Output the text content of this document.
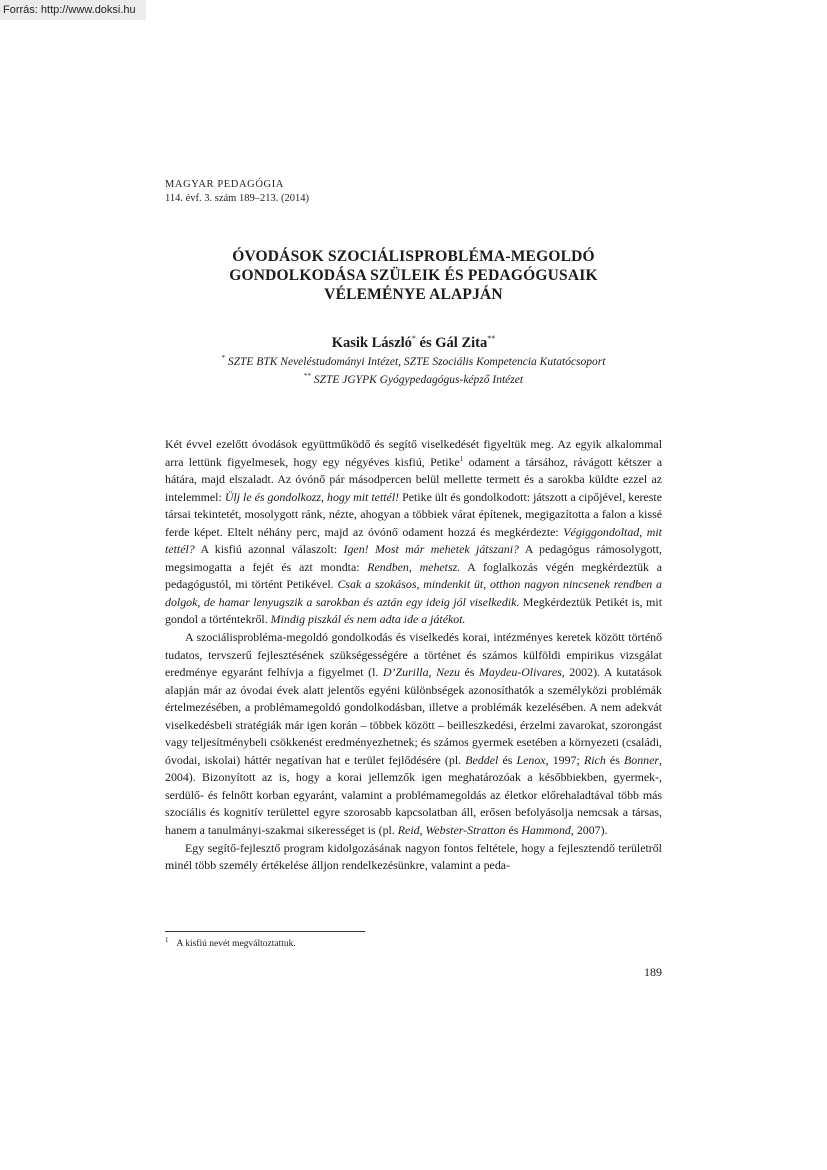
Forrás: http://www.doksi.hu
MAGYAR PEDAGÓGIA
114. évf. 3. szám 189–213. (2014)
ÓVODÁSOK SZOCIÁLISPROBLÉMA-MEGOLDÓ
GONDOLKODÁSA SZÜLEIK ÉS PEDAGÓGUSAIK
VÉLEMÉNYE ALAPJÁN
Kasik László* és Gál Zita**
* SZTE BTK Neveléstudományi Intézet, SZTE Szociális Kompetencia Kutatócsoport
** SZTE JGYPK Gyógypedagógus-képző Intézet

Két évvel ezelőtt óvodások együttműködő és segítő viselkedését figyeltük meg. Az egyik alkalommal arra lettünk figyelmesek, hogy egy négyéves kisfiú, Petike$^1$ odament a társához, rávágott kétszer a hátára, majd elszaladt. Az óvónő pár másodpercen belül mellette termett és a sarokba küldte ezzel az intelemmel: Ülj le és gondolkozz, hogy mit tettél! Petike ült és gondolkodott: játszott a cipőjével, kereste társai tekintetét, mosolygott ránk, nézte, ahogyan a többiek várat építenek, megigazította a falon a kissé ferde képet. Eltelt néhány perc, majd az óvónő odament hozzá és megkérdezte: Végiggondoltad, mit tettél? A kisfiú azonnal válaszolt: Igen! Most már mehetek játszani? A pedagógus rámosolygott, megsimogatta a fejét és azt mondta: Rendben, mehetsz. A foglalkozás végén megkérdeztük a pedagógustól, mi történt Petikével. Csak a szokásos, mindenkit üt, otthon nagyon nincsenek rendben a dolgok, de hamar lenyugszik a sarokban és aztán egy ideig jól viselkedik. Megkérdeztük Petikét is, mit gondol a történtekről. Mindig piszkál és nem adta ide a játékot.

A szociálisprobléma-megoldó gondolkodás és viselkedés korai, intézményes keretek között történő tudatos, tervszerű fejlesztésének szükségességére a történet és számos külföldi empirikus vizsgálat eredménye egyaránt felhívja a figyelmet (l. D’Zurilla, Nezu és Maydeu-Olivares, 2002). A kutatások alapján már az óvodai évek alatt jelentős egyéni különbségek azonosíthatók a személyközi problémák értelmezésében, a problémamegoldó gondolkodásban, illetve a problémák kezelésében. A nem adekvát viselkedésbeli stratégiák már igen korán – többek között – beilleszkedési, érzelmi zavarokat, szorongást vagy teljesítménybeli csökkenést eredményezhetnek; és számos gyermek esetében a környezeti (családi, óvodai, iskolai) háttér negatívan hat e terület fejlődésére (pl. Beddel és Lenox, 1997; Rich és Bonner, 2004). Bizonyított az is, hogy a korai jellemzők igen meghatározóak a későbbiekben, gyermek-, serdülő- és felnőtt korban egyaránt, valamint a problémamegoldás az életkor előrehaladtával több más szociális és kognitív területtel egyre szorosabb kapcsolatban áll, erősen befolyásolja nemcsak a társas, hanem a tanulmányi-szakmai sikerességet is (pl. Reid, Webster-Stratton és Hammond, 2007).

Egy segítő-fejlesztő program kidolgozásának nagyon fontos feltétele, hogy a fejlesztendő területről minél több személy értékelése álljon rendelkezésünkre, valamint a peda-

$^1$ A kisfiú nevét megváltoztattuk.
189
